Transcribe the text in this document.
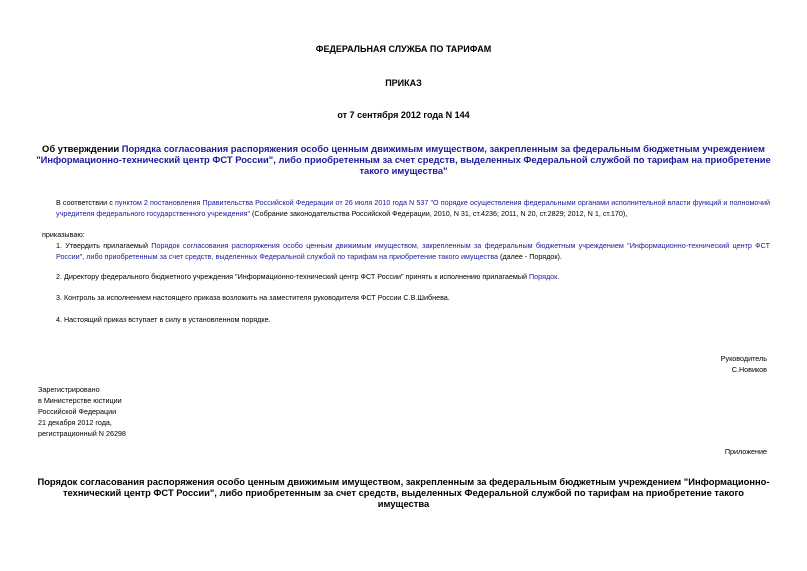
ФЕДЕРАЛЬНАЯ СЛУЖБА ПО ТАРИФАМ
ПРИКАЗ
от 7 сентября 2012 года N 144
Об утверждении Порядка согласования распоряжения особо ценным движимым имуществом, закрепленным за федеральным бюджетным учреждением "Информационно-технический центр ФСТ России", либо приобретенным за счет средств, выделенных Федеральной службой по тарифам на приобретение такого имущества"
В соответствии с пунктом 2 постановления Правительства Российской Федерации от 26 июля 2010 года N 537 "О порядке осуществления федеральными органами исполнительной власти функций и полномочий учредителя федерального государственного учреждения" (Собрание законодательства Российской Федерации, 2010, N 31, ст.4236; 2011, N 20, ст.2829; 2012, N 1, ст.170),
приказываю:
1. Утвердить прилагаемый Порядок согласования распоряжения особо ценным движимым имуществом, закрепленным за федеральным бюджетным учреждением "Информационно-технический центр ФСТ России", либо приобретенным за счет средств, выделенных Федеральной службой по тарифам на приобретение такого имущества (далее - Порядок).
2. Директору федерального бюджетного учреждения "Информационно-технический центр ФСТ России" принять к исполнению прилагаемый Порядок.
3. Контроль за исполнением настоящего приказа возложить на заместителя руководителя ФСТ России С.В.Шибнева.
4. Настоящий приказ вступает в силу в установленном порядке.
Руководитель
С.Новиков
Зарегистрировано
в Министерстве юстиции
Российской Федерации
21 декабря 2012 года,
регистрационный N 26298
Приложение
Порядок согласования распоряжения особо ценным движимым имуществом, закрепленным за федеральным бюджетным учреждением "Информационно-технический центр ФСТ России", либо приобретенным за счет средств, выделенных Федеральной службой по тарифам на приобретение такого имущества
